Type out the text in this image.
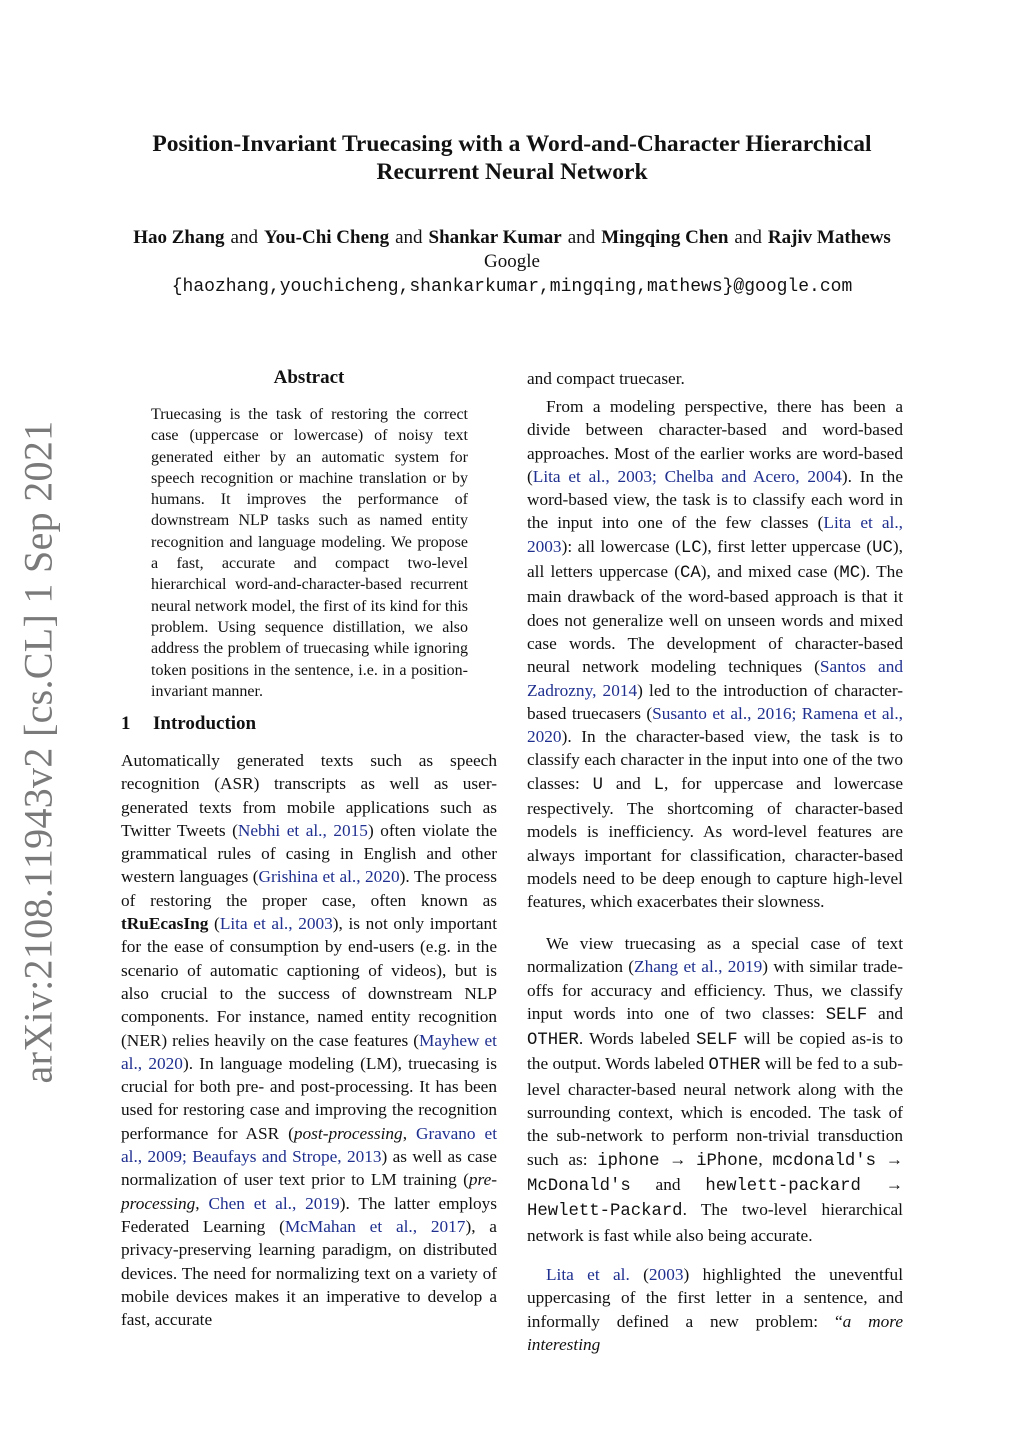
arXiv:2108.11943v2 [cs.CL] 1 Sep 2021
Position-Invariant Truecasing with a Word-and-Character Hierarchical
Recurrent Neural Network
Hao Zhang and You-Chi Cheng and Shankar Kumar and Mingqing Chen and Rajiv Mathews
Google
{haozhang,youchicheng,shankarkumar,mingqing,mathews}@google.com
Abstract

Truecasing is the task of restoring the correct case (uppercase or lowercase) of noisy text generated either by an automatic system for speech recognition or machine translation or by humans. It improves the performance of downstream NLP tasks such as named entity recognition and language modeling. We propose a fast, accurate and compact two-level hierarchical word-and-character-based recurrent neural network model, the first of its kind for this problem. Using sequence distillation, we also address the problem of truecasing while ignoring token positions in the sentence, i.e. in a position-invariant manner.

1 Introduction

Automatically generated texts such as speech recognition (ASR) transcripts as well as user-generated texts from mobile applications such as Twitter Tweets (Nebhi et al., 2015) often violate the grammatical rules of casing in English and other western languages (Grishina et al., 2020). The process of restoring the proper case, often known as tRuEcasIng (Lita et al., 2003), is not only important for the ease of consumption by end-users (e.g. in the scenario of automatic captioning of videos), but is also crucial to the success of downstream NLP components. For instance, named entity recognition (NER) relies heavily on the case features (Mayhew et al., 2020). In language modeling (LM), truecasing is crucial for both pre- and post-processing. It has been used for restoring case and improving the recognition performance for ASR (post-processing, Gravano et al., 2009; Beaufays and Strope, 2013) as well as case normalization of user text prior to LM training (pre-processing, Chen et al., 2019). The latter employs Federated Learning (McMahan et al., 2017), a privacy-preserving learning paradigm, on distributed devices. The need for normalizing text on a variety of mobile devices makes it an imperative to develop a fast, accurate

and compact truecaser.

From a modeling perspective, there has been a divide between character-based and word-based approaches. Most of the earlier works are word-based (Lita et al., 2003; Chelba and Acero, 2004). In the word-based view, the task is to classify each word in the input into one of the few classes (Lita et al., 2003): all lowercase (LC), first letter uppercase (UC), all letters uppercase (CA), and mixed case (MC). The main drawback of the word-based approach is that it does not generalize well on unseen words and mixed case words. The development of character-based neural network modeling techniques (Santos and Zadrozny, 2014) led to the introduction of character-based truecasers (Susanto et al., 2016; Ramena et al., 2020). In the character-based view, the task is to classify each character in the input into one of the two classes: U and L, for uppercase and lowercase respectively. The shortcoming of character-based models is inefficiency. As word-level features are always important for classification, character-based models need to be deep enough to capture high-level features, which exacerbates their slowness.

We view truecasing as a special case of text normalization (Zhang et al., 2019) with similar trade-offs for accuracy and efficiency. Thus, we classify input words into one of two classes: SELF and OTHER. Words labeled SELF will be copied as-is to the output. Words labeled OTHER will be fed to a sub-level character-based neural network along with the surrounding context, which is encoded. The task of the sub-network to perform non-trivial transduction such as: iphone → iPhone, mcdonald's → McDonald's and hewlett-packard → Hewlett-Packard. The two-level hierarchical network is fast while also being accurate.

Lita et al. (2003) highlighted the uneventful uppercasing of the first letter in a sentence, and informally defined a new problem: “a more interesting
